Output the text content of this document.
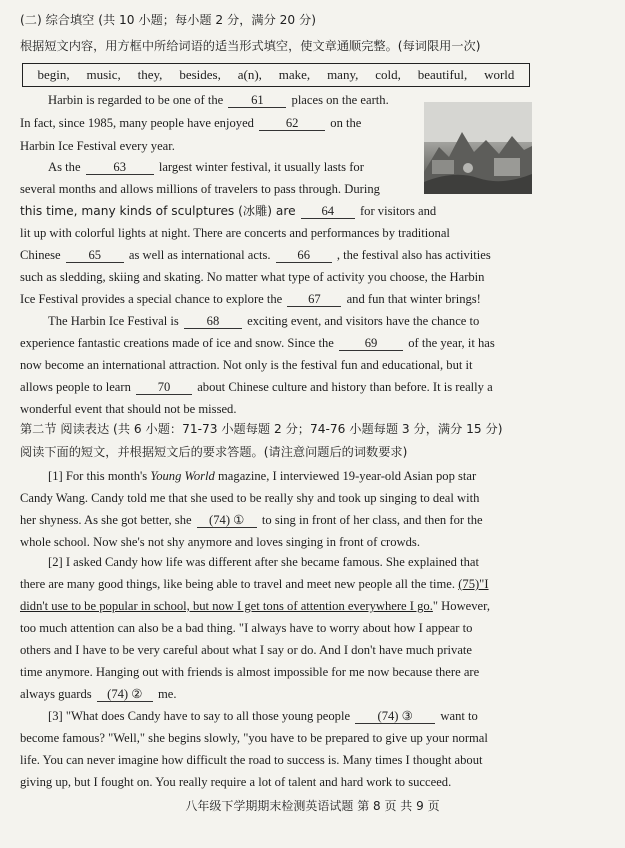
(二) 综合填空 (共 10 小题；每小题 2 分，满分 20 分)
根据短文内容，用方框中所给词语的适当形式填空，使文章通顺完整。(每词限用一次)
begin, music, they, besides, a(n), make, many, cold, beautiful, world
Harbin is regarded to be one of the 61 places on the earth.
In fact, since 1985, many people have enjoyed	62	on the
Harbin Ice Festival every year.
As the	63	largest winter festival, it usually lasts for
several months and allows millions of travelers to pass through. During
this time, many kinds of sculptures (冰雕) are 64 for visitors and
lit up with colorful lights at night. There are concerts and performances by traditional
Chinese 65 as well as international acts. 66 , the festival also has activities
such as sledding, skiing and skating. No matter what type of activity you choose, the Harbin
Ice Festival provides a special chance to explore the 67 and fun that winter brings!
The Harbin Ice Festival is 68 exciting event, and visitors have the chance to
experience fantastic creations made of ice and snow. Since the 69 of the year, it has
now become an international attraction. Not only is the festival fun and educational, but it
allows people to learn 70 about Chinese culture and history than before. It is really a
wonderful event that should not be missed.
第二节 阅读表达 (共 6 小题：71-73 小题每题 2 分；74-76 小题每题 3 分，满分 15 分)
阅读下面的短文，并根据短文后的要求答题。(请注意问题后的词数要求)
[1] For this month's Young World magazine, I interviewed 19-year-old Asian pop star
Candy Wang. Candy told me that she used to be really shy and took up singing to deal with
her shyness. As she got better, she (74) ① to sing in front of her class, and then for the
whole school. Now she's not shy anymore and loves singing in front of crowds.
[2] I asked Candy how life was different after she became famous. She explained that
there are many good things, like being able to travel and meet new people all the time. (75)"I
didn't use to be popular in school, but now I get tons of attention everywhere I go." However,
too much attention can also be a bad thing. "I always have to worry about how I appear to
others and I have to be very careful about what I say or do. And I don't have much private
time anymore. Hanging out with friends is almost impossible for me now because there are
always guards (74) ② me.
[3] "What does Candy have to say to all those young people (74) ③ want to
become famous? "Well," she begins slowly, "you have to be prepared to give up your normal
life. You can never imagine how difficult the road to success is. Many times I thought about
giving up, but I fought on. You really require a lot of talent and hard work to succeed.
八年级下学期期末检测英语试题 第 8 页 共 9 页
